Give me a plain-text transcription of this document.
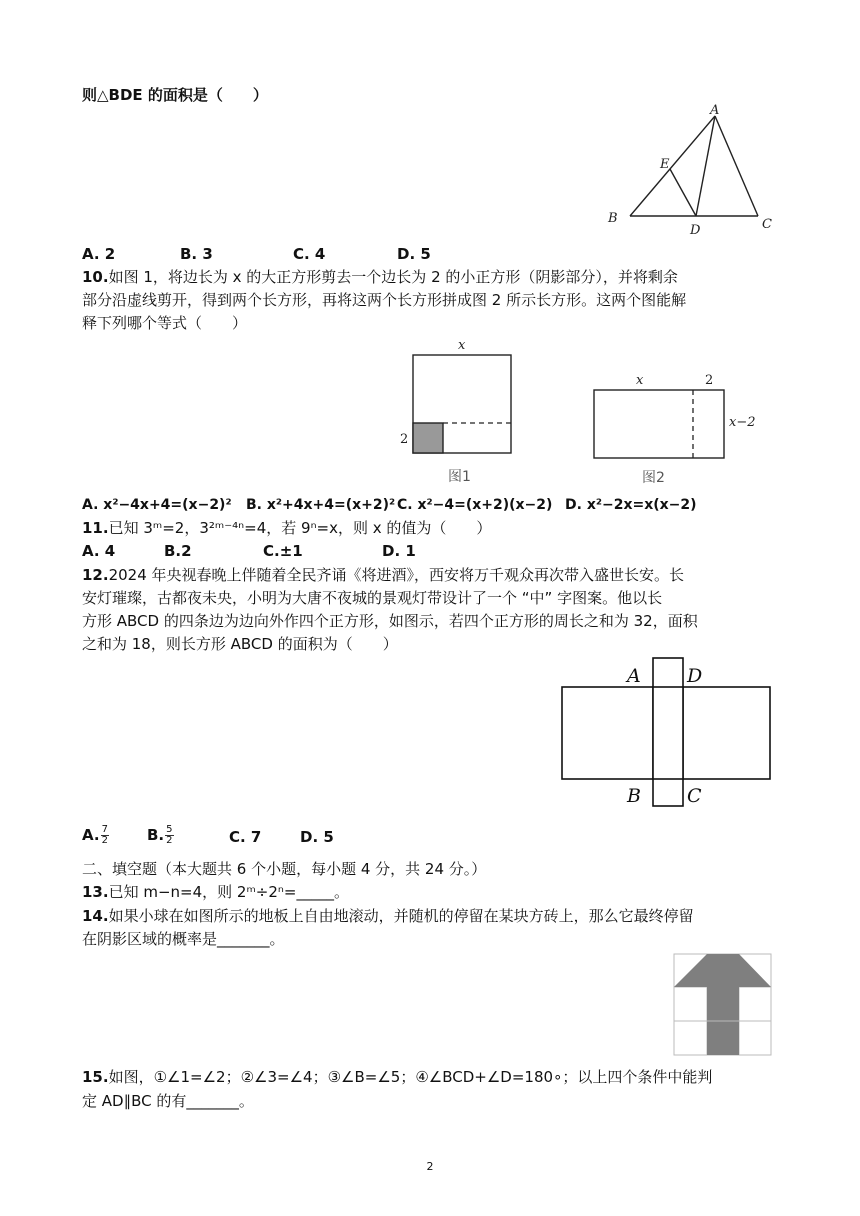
则△BDE 的面积是（　　）
A
E
B
D	C
A. 2	B. 3	C. 4	D. 5
10.如图 1，将边长为 x 的大正方形剪去一个边长为 2 的小正方形（阴影部分），并将剩余
部分沿虚线剪开，得到两个长方形，再将这两个长方形拼成图 2 所示长方形。这两个图能解
释下列哪个等式（　　）
x
2
图1
x	2
x−2
图2
A. x²−4x+4=(x−2)² B. x²+4x+4=(x+2)² C. x²−4=(x+2)(x−2) D. x²−2x=x(x−2)
11.已知 3ᵐ=2，3²ᵐ⁻⁴ⁿ=4，若 9ⁿ=x，则 x 的值为（　　）
A. 4	B.2	C.±1	D. 1
12.2024 年央视春晚上伴随着全民齐诵《将进酒》，西安将万千观众再次带入盛世长安。长
安灯璀璨，古都夜未央，小明为大唐不夜城的景观灯带设计了一个 “中” 字图案。他以长
方形 ABCD 的四条边为边向外作四个正方形，如图示，若四个正方形的周长之和为 32，面积
之和为 18，则长方形 ABCD 的面积为（　　）
A D
B C
A. $\frac{7}{2}$	B. $\frac{5}{2}$	C. 7	D. 5
二、填空题（本大题共 6 个小题，每小题 4 分，共 24 分。）
13.已知 m−n=4，则 2ᵐ÷2ⁿ=_____。
14.如果小球在如图所示的地板上自由地滚动，并随机的停留在某块方砖上，那么它最终停留
在阴影区域的概率是_______。
15.如图，①∠1=∠2；②∠3=∠4；③∠B=∠5；④∠BCD+∠D=180∘；以上四个条件中能判
定 AD∥BC 的有_______。
2
